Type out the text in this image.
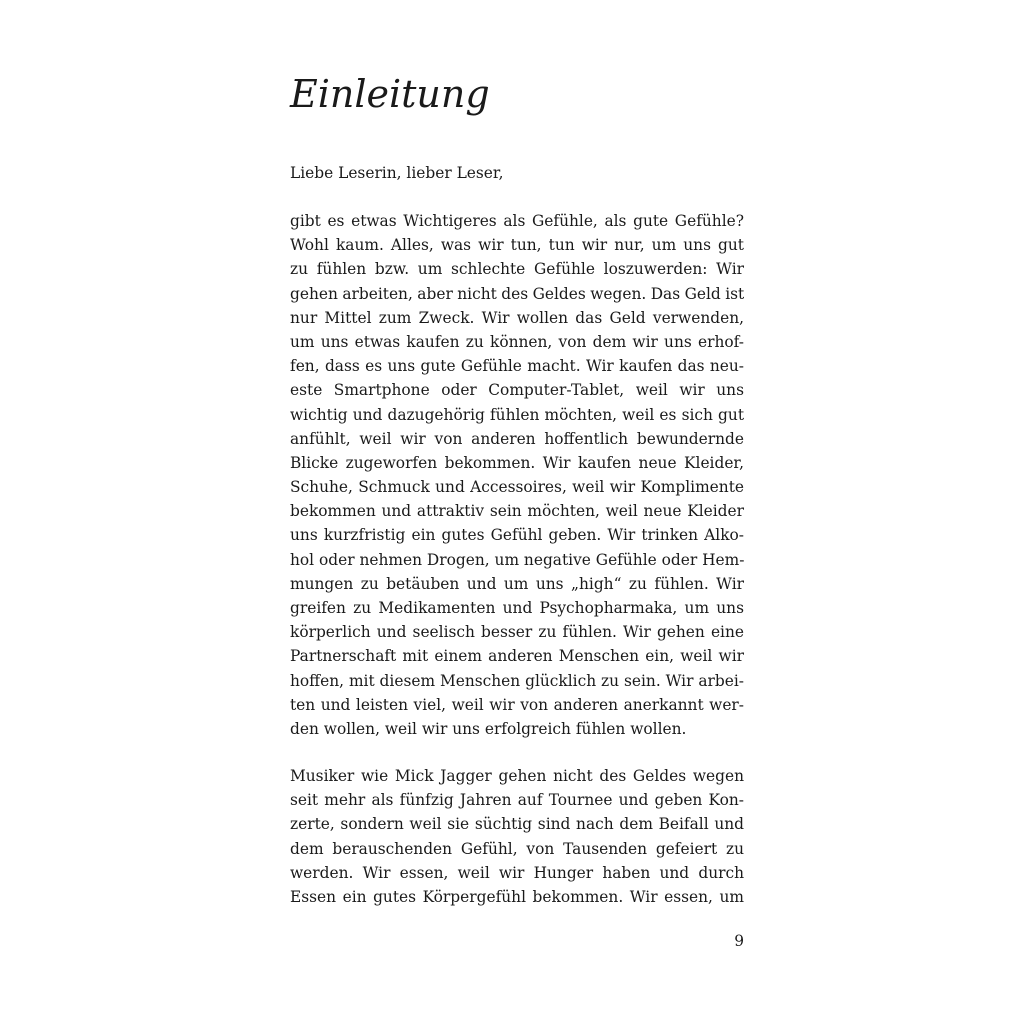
Einleitung

Liebe Leserin, lieber Leser,

gibt es etwas Wichtigeres als Gefühle, als gute Gefühle?
Wohl kaum. Alles, was wir tun, tun wir nur, um uns gut
zu fühlen bzw. um schlechte Gefühle loszuwerden: Wir
gehen arbeiten, aber nicht des Geldes wegen. Das Geld ist
nur Mittel zum Zweck. Wir wollen das Geld verwenden,
um uns etwas kaufen zu können, von dem wir uns erhof-
fen, dass es uns gute Gefühle macht. Wir kaufen das neu-
este Smartphone oder Computer-Tablet, weil wir uns
wichtig und dazugehörig fühlen möchten, weil es sich gut
anfühlt, weil wir von anderen hoffentlich bewundernde
Blicke zugeworfen bekommen. Wir kaufen neue Kleider,
Schuhe, Schmuck und Accessoires, weil wir Komplimente
bekommen und attraktiv sein möchten, weil neue Kleider
uns kurzfristig ein gutes Gefühl geben. Wir trinken Alko-
hol oder nehmen Drogen, um negative Gefühle oder Hem-
mungen zu betäuben und um uns „high“ zu fühlen. Wir
greifen zu Medikamenten und Psychopharmaka, um uns
körperlich und seelisch besser zu fühlen. Wir gehen eine
Partnerschaft mit einem anderen Menschen ein, weil wir
hoffen, mit diesem Menschen glücklich zu sein. Wir arbei-
ten und leisten viel, weil wir von anderen anerkannt wer-
den wollen, weil wir uns erfolgreich fühlen wollen.

Musiker wie Mick Jagger gehen nicht des Geldes wegen
seit mehr als fünfzig Jahren auf Tournee und geben Kon-
zerte, sondern weil sie süchtig sind nach dem Beifall und
dem berauschenden Gefühl, von Tausenden gefeiert zu
werden. Wir essen, weil wir Hunger haben und durch
Essen ein gutes Körpergefühl bekommen. Wir essen, um

9
